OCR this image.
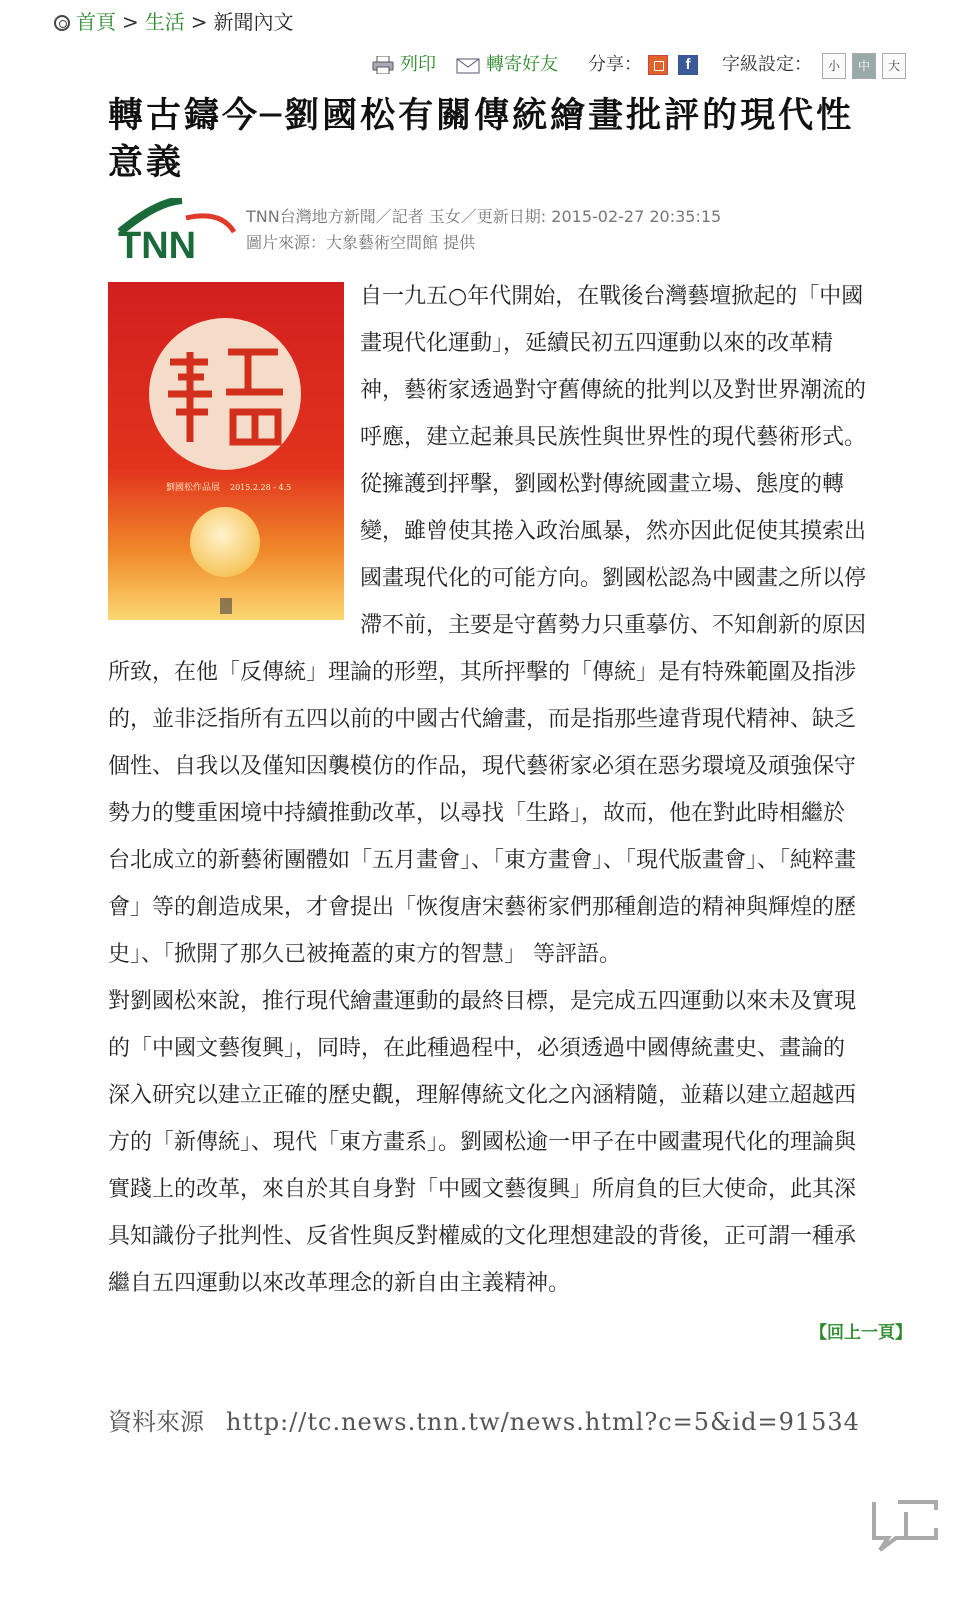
首頁 > 生活 > 新聞內文
列印	轉寄好友 分享：	f	字級設定：	小	中	大
轉古鑄今─劉國松有關傳統繪畫批評的現代性意義
TNN
TNN台灣地方新聞／記者 玉女／更新日期: 2015-02-27 20:35:15
圖片來源：大象藝術空間館 提供
劉國松作品展 2015.2.28 - 4.5
自一九五○年代開始，在戰後台灣藝壇掀起的「中國
畫現代化運動」，延續民初五四運動以來的改革精
神，藝術家透過對守舊傳統的批判以及對世界潮流的
呼應，建立起兼具民族性與世界性的現代藝術形式。
從擁護到抨擊，劉國松對傳統國畫立場、態度的轉
變，雖曾使其捲入政治風暴，然亦因此促使其摸索出
國畫現代化的可能方向。劉國松認為中國畫之所以停
滯不前，主要是守舊勢力只重摹仿、不知創新的原因
所致，在他「反傳統」理論的形塑，其所抨擊的「傳統」是有特殊範圍及指涉
的，並非泛指所有五四以前的中國古代繪畫，而是指那些違背現代精神、缺乏
個性、自我以及僅知因襲模仿的作品，現代藝術家必須在惡劣環境及頑強保守
勢力的雙重困境中持續推動改革，以尋找「生路」，故而，他在對此時相繼於
台北成立的新藝術團體如「五月畫會」、「東方畫會」、「現代版畫會」、「純粹畫
會」等的創造成果，才會提出「恢復唐宋藝術家們那種創造的精神與輝煌的歷
史」、「掀開了那久已被掩蓋的東方的智慧」 等評語。
對劉國松來說，推行現代繪畫運動的最終目標，是完成五四運動以來未及實現
的「中國文藝復興」，同時，在此種過程中，必須透過中國傳統畫史、畫論的
深入研究以建立正確的歷史觀，理解傳統文化之內涵精隨，並藉以建立超越西
方的「新傳統」、現代「東方畫系」。劉國松逾一甲子在中國畫現代化的理論與
實踐上的改革，來自於其自身對「中國文藝復興」所肩負的巨大使命，此其深
具知識份子批判性、反省性與反對權威的文化理想建設的背後，正可謂一種承
繼自五四運動以來改革理念的新自由主義精神。
【回上一頁】
資料來源 http://tc.news.tnn.tw/news.html?c=5&id=91534
